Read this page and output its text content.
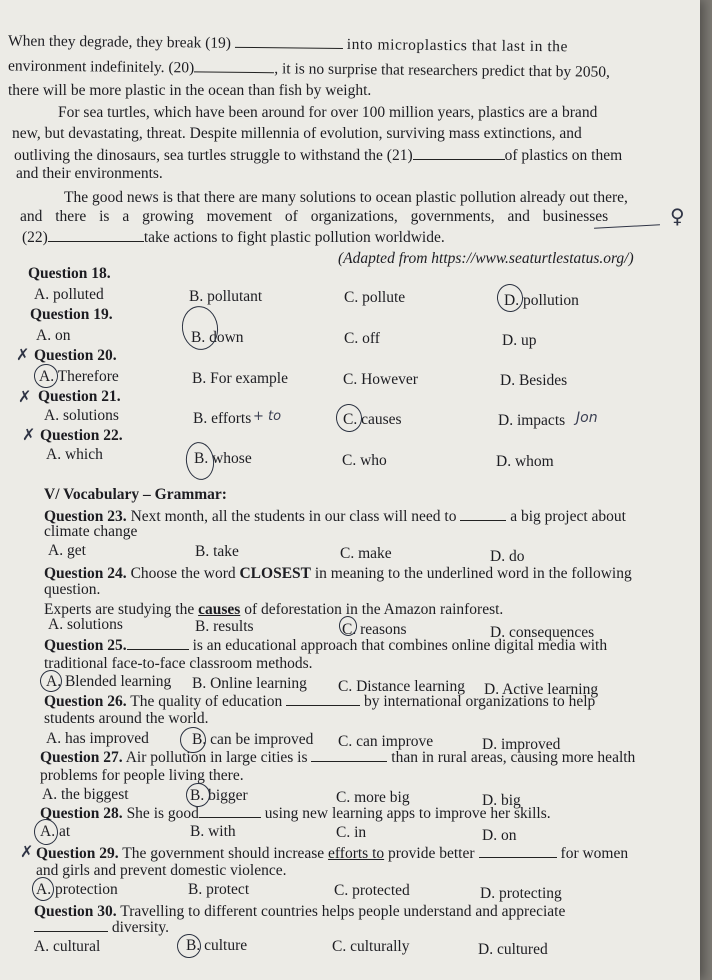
When they degrade, they break (19)	into microplastics that last in the
environment indefinitely. (20)	, it is no surprise that researchers predict that by 2050,
there will be more plastic in the ocean than fish by weight.
For sea turtles, which have been around for over 100 million years, plastics are a brand
new, but devastating, threat. Despite millennia of evolution, surviving mass extinctions, and
outliving the dinosaurs, sea turtles struggle to withstand the (21)	of plastics on them
and their environments.
The good news is that there are many solutions to ocean plastic pollution already out there,
and there is a growing movement of organizations, governments, and businesses
(22)	take actions to fight plastic pollution worldwide.
(Adapted from https://www.seaturtlestatus.org/)
Question 18.
A. polluted	B. pollutant	C. pollute	D. pollution
Question 19.
A. on	B. down	C. off	D. up
Question 20.
A. Therefore	B. For example	C. However	D. Besides
Question 21.
A. solutions	B. efforts	C. causes	D. impacts
Question 22.
A. which	B. whose	C. who	D. whom
V/ Vocabulary – Grammar:
Question 23. Next month, all the students in our class will need to	a big project about
climate change
A. get	B. take	C. make	D. do
Question 24. Choose the word CLOSEST in meaning to the underlined word in the following
question.
Experts are studying the causes of deforestation in the Amazon rainforest.
A. solutions	B. results	C. reasons	D. consequences
Question 25.	is an educational approach that combines online digital media with
traditional face-to-face classroom methods.
A. Blended learning B. Online learning C. Distance learning D. Active learning
Question 26. The quality of education	by international organizations to help
students around the world.
A. has improved	B. can be improved C. can improve	D. improved
Question 27. Air pollution in large cities is	than in rural areas, causing more health
problems for people living there.
A. the biggest	B. bigger	C. more big	D. big
Question 28. She is good	using new learning apps to improve her skills.
A. at	B. with	C. in	D. on
Question 29. The government should increase efforts to provide better	for women
and girls and prevent domestic violence.
A. protection	B. protect	C. protected	D. protecting
Question 30. Travelling to different countries helps people understand and appreciate
diversity.
A. cultural	B. culture	C. culturally	D. cultured
✗
✗
✗
✗
♀
+ to	Jon
